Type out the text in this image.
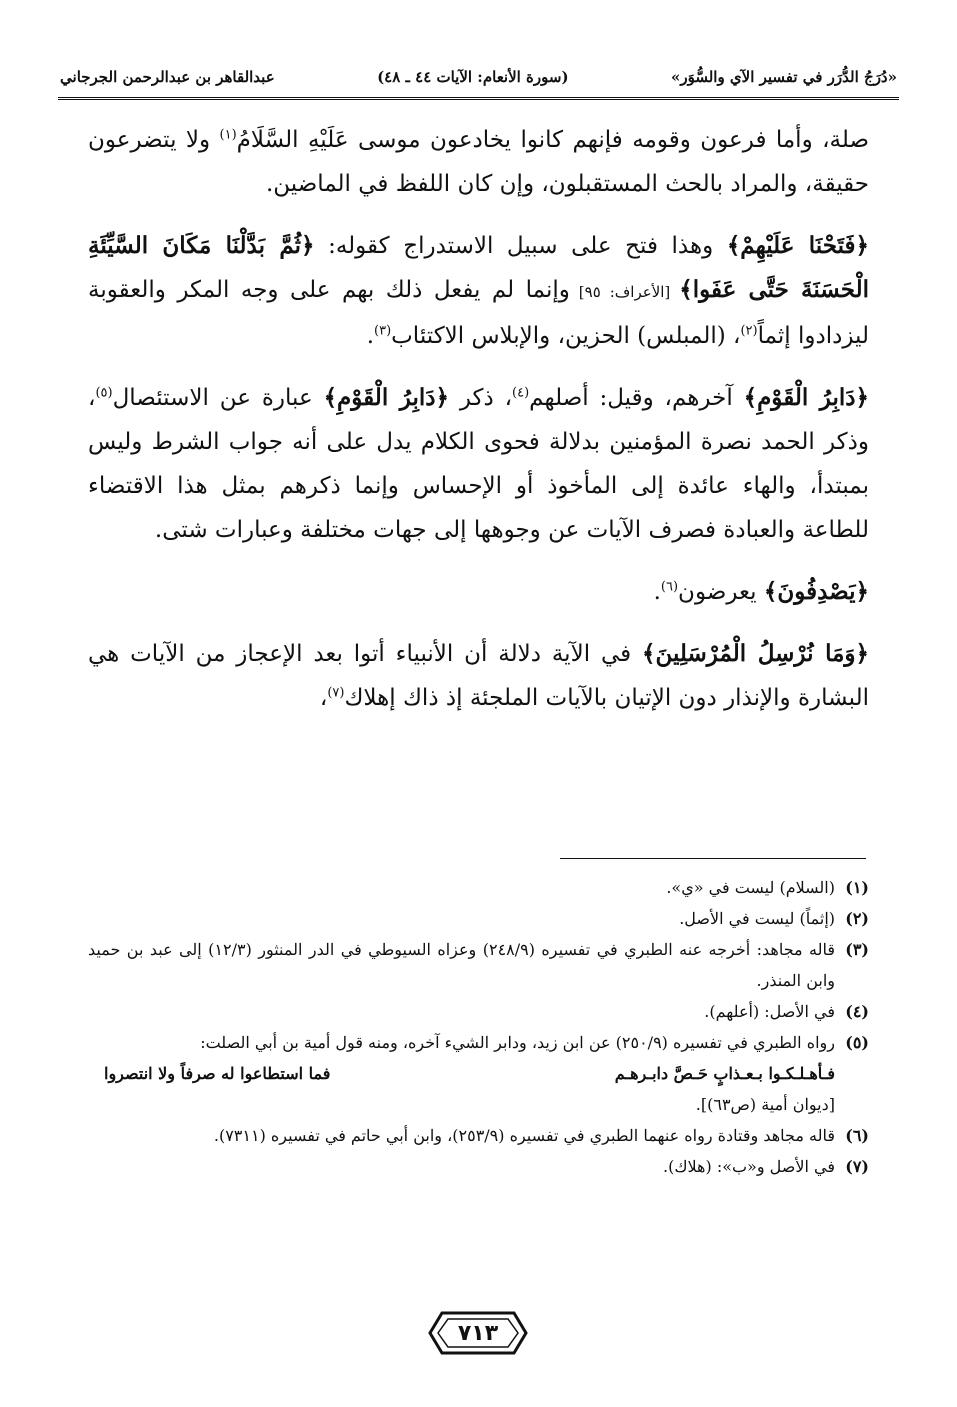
«دُرَجُ الدُّرَر في تفسير الآي والسُّوَر»
(سورة الأنعام: الآيات ٤٤ ـ ٤٨)
عبدالقاهر بن عبدالرحمن الجرجاني

صلة، وأما فرعون وقومه فإنهم كانوا يخادعون موسى عَلَيْهِ السَّلَامُ$^{(١)}$ ولا يتضرعون حقيقة، والمراد بالحث المستقبلون، وإن كان اللفظ في الماضين.

﴿فَتَحْنَا عَلَيْهِمْ﴾ وهذا فتح على سبيل الاستدراج كقوله: ﴿ثُمَّ بَدَّلْنَا مَكَانَ السَّيِّئَةِ الْحَسَنَةَ حَتَّى عَفَوا﴾ [الأعراف: ٩٥] وإنما لم يفعل ذلك بهم على وجه المكر والعقوبة ليزدادوا إثماً$^{(٢)}$، (المبلس) الحزين، والإبلاس الاكتئاب$^{(٣)}$.

﴿دَابِرُ الْقَوْمِ﴾ آخرهم، وقيل: أصلهم$^{(٤)}$، ذكر ﴿دَابِرُ الْقَوْمِ﴾ عبارة عن الاستئصال$^{(٥)}$، وذكر الحمد نصرة المؤمنين بدلالة فحوى الكلام يدل على أنه جواب الشرط وليس بمبتدأ، والهاء عائدة إلى المأخوذ أو الإحساس وإنما ذكرهم بمثل هذا الاقتضاء للطاعة والعبادة فصرف الآيات عن وجوهها إلى جهات مختلفة وعبارات شتى.

﴿يَصْدِفُونَ﴾ يعرضون$^{(٦)}$.

﴿وَمَا نُرْسِلُ الْمُرْسَلِينَ﴾ في الآية دلالة أن الأنبياء أتوا بعد الإعجاز من الآيات هي البشارة والإنذار دون الإتيان بالآيات الملجئة إذ ذاك إهلاك$^{(٧)}$،

(١)
(السلام) ليست في «ي».
(٢)
(إثماً) ليست في الأصل.
(٣)
قاله مجاهد: أخرجه عنه الطبري في تفسيره (٢٤٨/٩) وعزاه السيوطي في الدر المنثور (١٢/٣) إلى عبد بن حميد وابن المنذر.
(٤)
في الأصل: (أعلهم).
(٥)
رواه الطبري في تفسيره (٢٥٠/٩) عن ابن زيد، ودابر الشيء آخره، ومنه قول أمية بن أبي الصلت:
فـأهـلـكـوا بـعـذابٍ حَـصَّ دابـرهـم
فما استطاعوا له صرفاً ولا انتصروا
[ديوان أمية (ص٦٣)].
(٦)
قاله مجاهد وقتادة رواه عنهما الطبري في تفسيره (٢٥٣/٩)، وابن أبي حاتم في تفسيره (٧٣١١).
(٧)
في الأصل و«ب»: (هلاك).
٧١٣
